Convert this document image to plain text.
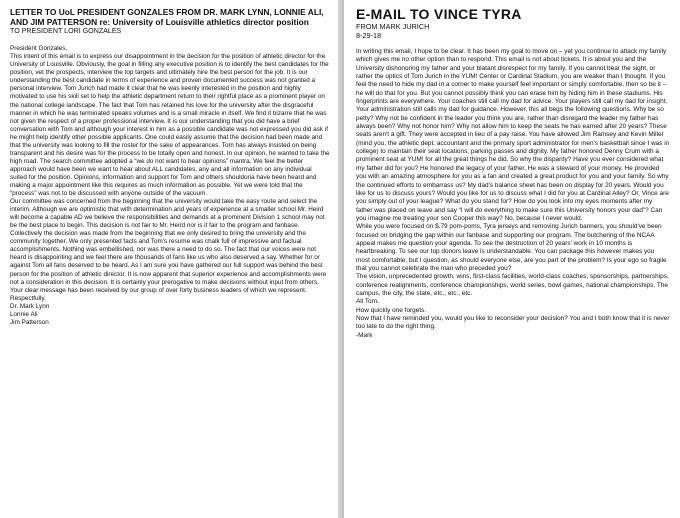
LETTER TO UoL PRESIDENT GONZALES FROM DR. MARK LYNN, LONNIE ALI, AND JIM PATTERSON re: University of Louisville athletics director position
TO PRESIDENT LORI GONZALES

President Gonzales,

This intent of this email is to express our disappointment in the decision for the position of athletic director for the University of Louisville. Obviously, the goal in filling any executive position is to identify the best candidates for the position, vet the prospects, interview the top targets and ultimately hire the best person for the job. It is our understanding the best candidate in terms of experience and proven documented success was not granted a personal interview. Tom Jurich had made it clear that he was keenly interested in the position and highly motivated to use his skill set to help the athletic department return to their rightful place as a prominent player on the national college landscape. The fact that Tom has retained his love for the university after the disgraceful manner in which he was terminated speaks volumes and is a small miracle in itself. We find it bizarre that he was not given the respect of a proper professional interview. It is our understanding that you did have a brief conversation with Tom and although your interest in him as a possible candidate was not expressed you did ask if he might help identify other possible applicants. One could easily assume that the decision had been made and that the university was looking to fill the roster for the sake of appearances. Tom has always insisted on being transparent and his desire was for the process to be totally open and honest. In our opinion, he wanted to take the high road. The search committee adopted a “we do not want to hear opinions” mantra. We feel the better approach would have been we want to hear about ALL candidates, any and all information on any individual suited for the position. Opinions, information and support for Tom and others shouldoria have been heard and making a major appointment like this requires as much information as possible. Yet we were told that the “process” was not to be discussed with anyone outside of the vacuum.

Our committee was concerned from the beginning that the university would take the easy route and select the interim. Although we are optimistic that with determination and years of experience at a smaller school Mr. Heird will become a capable AD we believe the responsibilities and demands at a prominent Division 1 school may not be the best place to begin. This decision is not fair to Mr. Heird nor is it fair to the program and fanbase. Collectively the decision was made from the beginning that we only desired to bring the university and the community together. We only presented facts and Tom's resume was chalk full of impressive and factual accomplishments. Nothing was embellished, nor was there a need to do so. The fact that our voices were not heard is disappointing and we feel there are thousands of fans like us who also deserved a say. Whether for or against Tom all fans deserved to be heard. As I am sure you have gathered our full support was behind the best person for the position of athletic director. It is now apparent that superior experience and accomplishments were not a consideration in this decision. It is certainly your prerogative to make decisions without input from others. Your clear message has been received by our group of over forty business leaders of which we represent.

Respectfully,

Dr. Mark Lynn

Lonnie Ali

Jim Patterson

E-MAIL TO VINCE TYRA
FROM MARK JURICH
8-29-18

In writing this email, I hope to be clear. It has been my goal to move on – yet you continue to attack my family which gives me no other option than to respond. This email is not about tickets. It is about you and the University dishonoring my father and your blatant disrespect for my family. If you cannot bear the sight, or rather the optics of Tom Jurich in the YUM! Center or Cardinal Stadium, you are weaker than I thought. If you feel the need to hide my dad in a corner to make yourself feel important or simply comfortable, then so be it -- he will do that for you. But you cannot possibly think you can erase him by hiding him in these stadiums. His fingerprints are everywhere. Your coaches still call my dad for advice. Your players still call my dad for insight. Your administration still calls my dad for guidance. However, this all begs the following questions. Why be so petty? Why not be confident in the leader you think you are, rather than disregard the leader my father has always been? Why not honor him? Why not allow him to keep the seats he has earned after 20 years? These seats aren't a gift. They were accepted in lieu of a pay raise. You have allowed Jim Ramsey and Kevin Miller (mind you, the athletic dept. accountant and the primary sport administrator for men's basketball since I was in college) to maintain their seat locations, parking passes and dignity. My father honored Denny Crum with a prominent seat at YUM! for all the great things he did. So why the disparity? Have you ever considered what my father did for you? He honored the legacy of your father. He was a steward of your money. He provided you with an amazing atmosphere for you as a fan and created a great product for you and your family. So why the continued efforts to embarrass us? My dad's balance sheet has been on display for 20 years. Would you like for us to discuss yours? Would you like for us to discuss what I did for you at Cardinal Alley? Or, Vince are you simply out of your league? What do you stand for? How do you look into my eyes moments after my father was placed on leave and say “I will do everything to make sure this University honors your dad”? Can you imagine me treating your son Cooper this way? No, because I never would.

While you were focused on $.79 pom-poms, Tyra jerseys and removing Jurich banners, you should've been focused on bridging the gap within our fanbase and supporting our program. The butchering of the NCAA appeal makes me question your agenda. To see the destruction of 20 years' work in 10 months is heartbreaking. To see our top donors leave is understandable. You can package this however makes you most comfortable, but I question, as should everyone else, are you part of the problem? Is your ego so fragile that you cannot celebrate the man who preceded you?

The vision, unprecedented growth, wins, first-class facilities, world-class coaches, sponsorships, partnerships, conference realignments, conference championships, world series, bowl games, national championships. The campus, the city, the state, etc., etc., etc.

All Tom.

How quickly one forgets.

Now that I have reminded you, would you like to reconsider your decision? You and I both know that it is never too late to do the right thing.

-Mark
